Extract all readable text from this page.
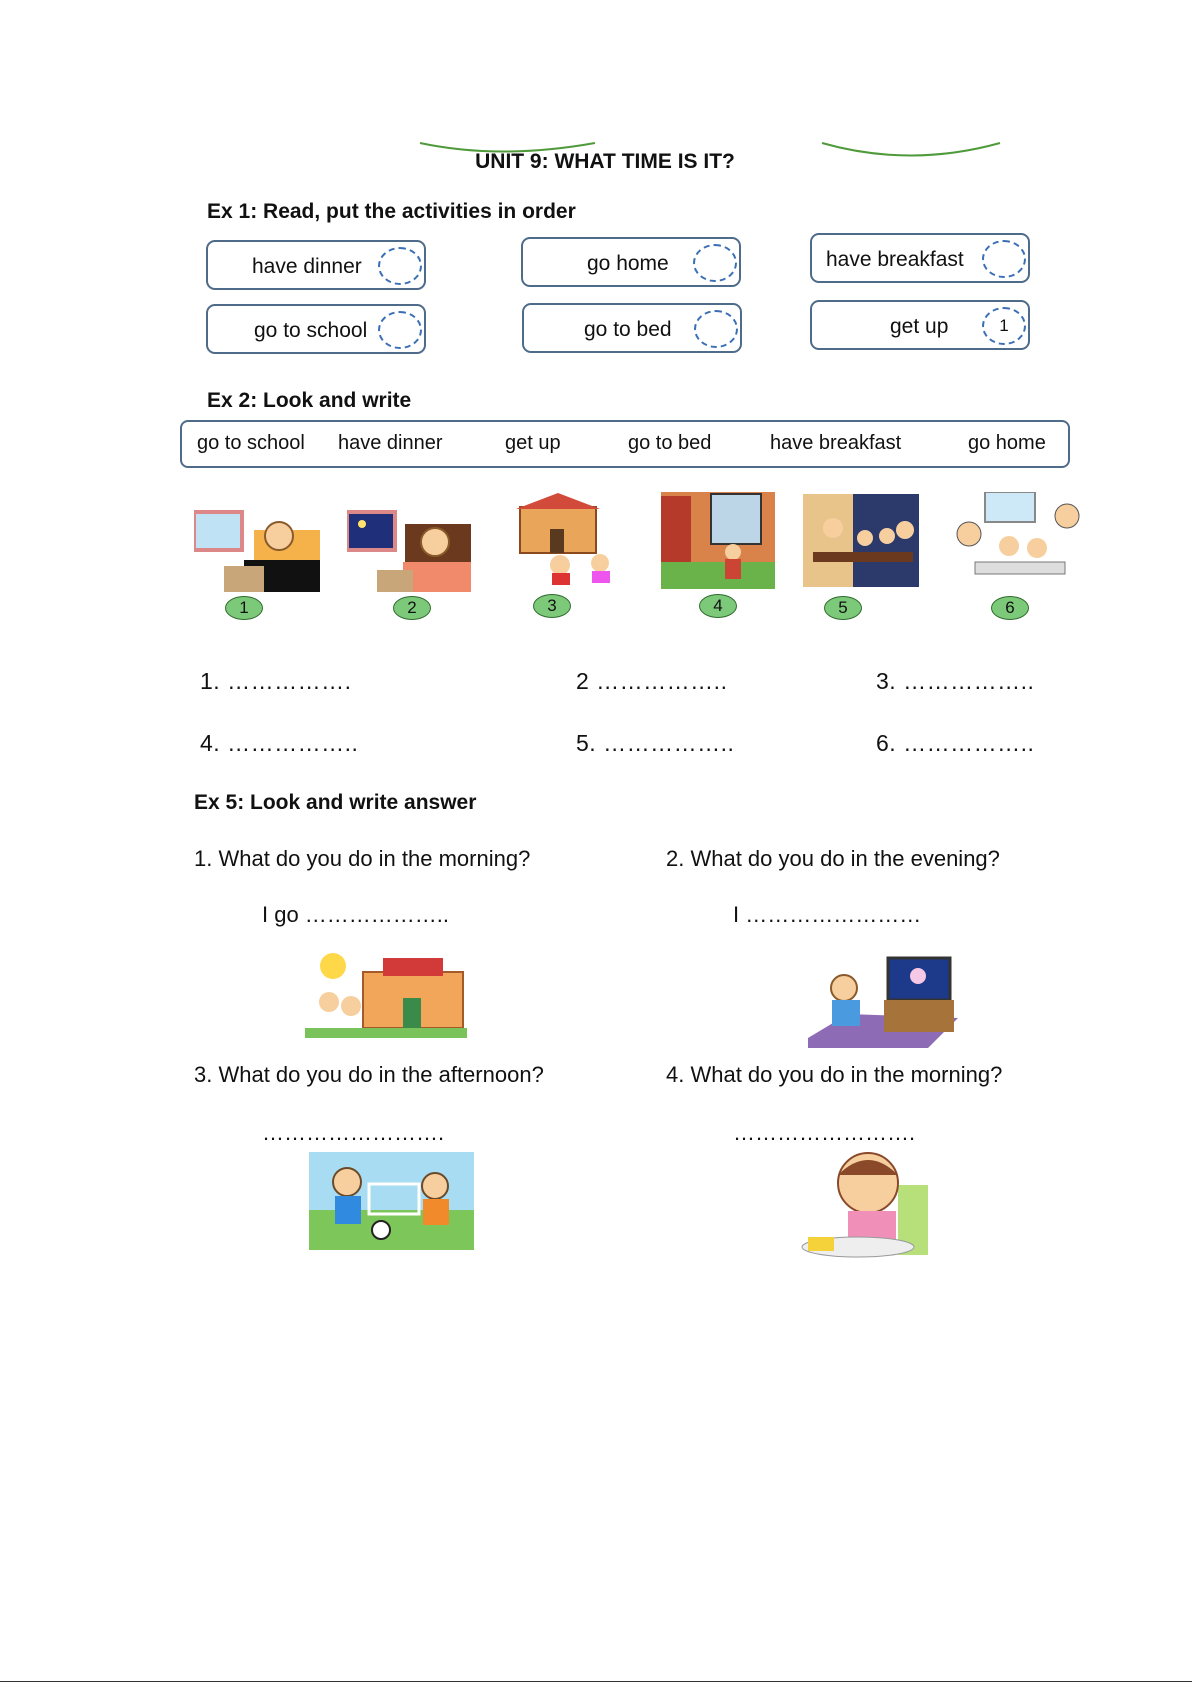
UNIT 9: WHAT TIME IS IT?
Ex 1: Read, put the activities in order
have dinner	go home	have breakfast
go to school	go to bed	get up	1
Ex 2: Look and write
go to school have dinner	get up	go to bed	have breakfast	go home
1	2	3	4	5	6
1. …………….	2 ……………..	3. ……………..
4. ……………..	5. ……………..	6. ……………..
Ex 5: Look and write answer
1. What do you do in the morning?	2. What do you do in the evening?
I go ………………..	I ……………………
3. What do you do in the afternoon?	4. What do you do in the morning?
…………………….	…………………….
